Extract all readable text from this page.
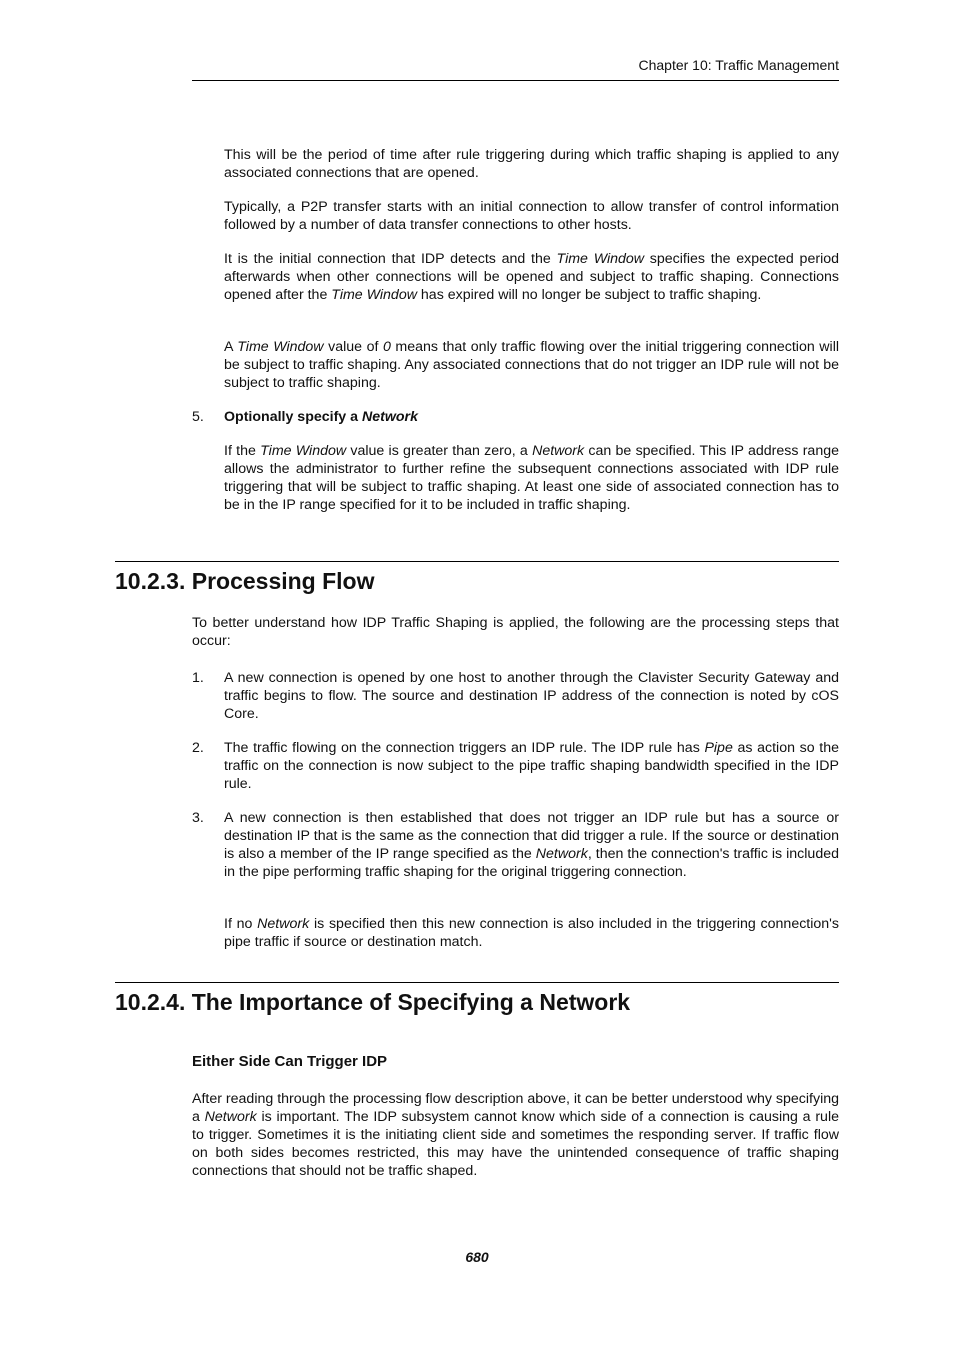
Chapter 10: Traffic Management

This will be the period of time after rule triggering during which traffic shaping is applied to any associated connections that are opened.

Typically, a P2P transfer starts with an initial connection to allow transfer of control information followed by a number of data transfer connections to other hosts.

It is the initial connection that IDP detects and the Time Window specifies the expected period afterwards when other connections will be opened and subject to traffic shaping. Connections opened after the Time Window has expired will no longer be subject to traffic shaping.

A Time Window value of 0 means that only traffic flowing over the initial triggering connection will be subject to traffic shaping. Any associated connections that do not trigger an IDP rule will not be subject to traffic shaping.

5.	Optionally specify a Network

If the Time Window value is greater than zero, a Network can be specified. This IP address range allows the administrator to further refine the subsequent connections associated with IDP rule triggering that will be subject to traffic shaping. At least one side of associated connection has to be in the IP range specified for it to be included in traffic shaping.

10.2.3. Processing Flow

To better understand how IDP Traffic Shaping is applied, the following are the processing steps that occur:

1.	A new connection is opened by one host to another through the Clavister Security Gateway and traffic begins to flow. The source and destination IP address of the connection is noted by cOS Core.

2.	The traffic flowing on the connection triggers an IDP rule. The IDP rule has Pipe as action so the traffic on the connection is now subject to the pipe traffic shaping bandwidth specified in the IDP rule.

3.	A new connection is then established that does not trigger an IDP rule but has a source or destination IP that is the same as the connection that did trigger a rule. If the source or destination is also a member of the IP range specified as the Network, then the connection's traffic is included in the pipe performing traffic shaping for the original triggering connection.

If no Network is specified then this new connection is also included in the triggering connection's pipe traffic if source or destination match.

10.2.4. The Importance of Specifying a Network
Either Side Can Trigger IDP

After reading through the processing flow description above, it can be better understood why specifying a Network is important. The IDP subsystem cannot know which side of a connection is causing a rule to trigger. Sometimes it is the initiating client side and sometimes the responding server. If traffic flow on both sides becomes restricted, this may have the unintended consequence of traffic shaping connections that should not be traffic shaped.

680
